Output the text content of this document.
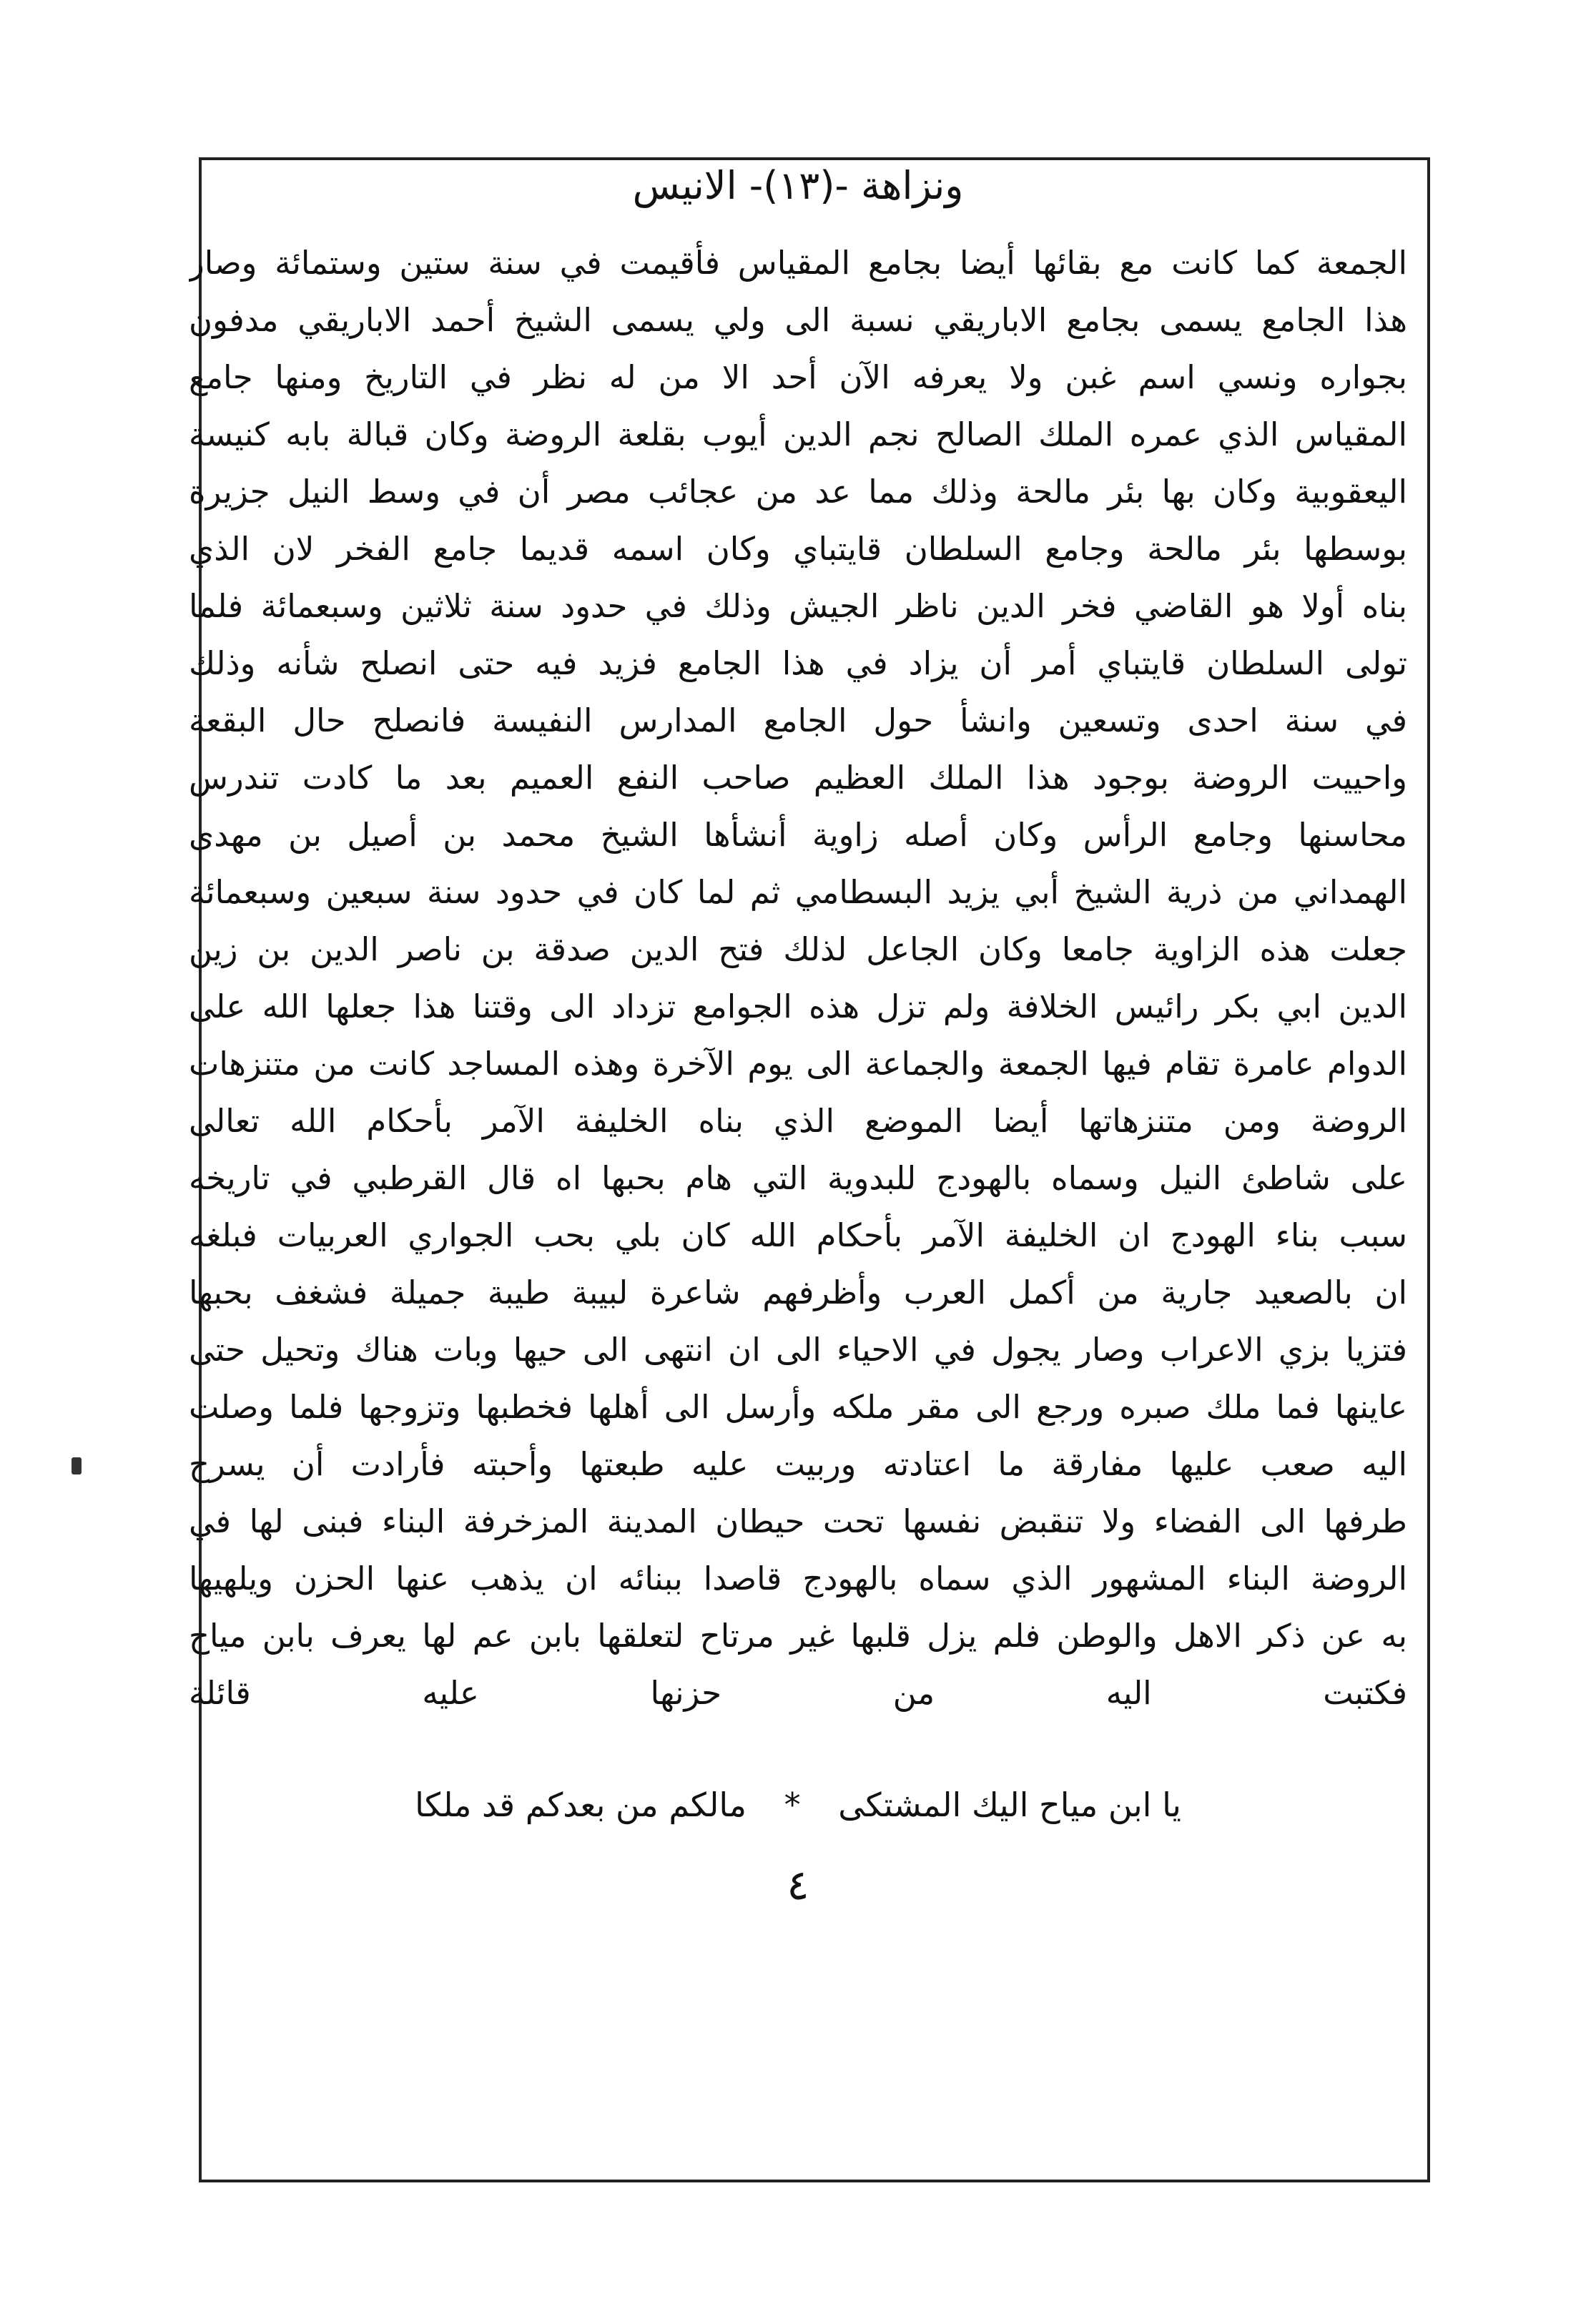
ونزاهة -(١٣)- الانيس
الجمعة كما كانت مع بقائها أيضا بجامع المقياس فأقيمت في سنة ستين وستمائة وصار
هذا الجامع يسمى بجامع الاباريقي نسبة الى ولي يسمى الشيخ أحمد الاباريقي مدفون
بجواره ونسي اسم غبن ولا يعرفه الآن أحد الا من له نظر في التاريخ ومنها جامع
المقياس الذي عمره الملك الصالح نجم الدين أيوب بقلعة الروضة وكان قبالة بابه كنيسة
اليعقوبية وكان بها بئر مالحة وذلك مما عد من عجائب مصر أن في وسط النيل جزيرة
بوسطها بئر مالحة وجامع السلطان قايتباي وكان اسمه قديما جامع الفخر لان الذي
بناه أولا هو القاضي فخر الدين ناظر الجيش وذلك في حدود سنة ثلاثين وسبعمائة فلما
تولى السلطان قايتباي أمر أن يزاد في هذا الجامع فزيد فيه حتى انصلح شأنه وذلك
في سنة احدى وتسعين وانشأ حول الجامع المدارس النفيسة فانصلح حال البقعة
واحييت الروضة بوجود هذا الملك العظيم صاحب النفع العميم بعد ما كادت تندرس
محاسنها وجامع الرأس وكان أصله زاوية أنشأها الشيخ محمد بن أصيل بن مهدى
الهمداني من ذرية الشيخ أبي يزيد البسطامي ثم لما كان في حدود سنة سبعين وسبعمائة
جعلت هذه الزاوية جامعا وكان الجاعل لذلك فتح الدين صدقة بن ناصر الدين بن زين
الدين ابي بكر رائيس الخلافة ولم تزل هذه الجوامع تزداد الى وقتنا هذا جعلها الله على
الدوام عامرة تقام فيها الجمعة والجماعة الى يوم الآخرة وهذه المساجد كانت من متنزهات
الروضة ومن متنزهاتها أيضا الموضع الذي بناه الخليفة الآمر بأحكام الله تعالى
على شاطئ النيل وسماه بالهودج للبدوية التي هام بحبها اه قال القرطبي في تاريخه
سبب بناء الهودج ان الخليفة الآمر بأحكام الله كان بلي بحب الجواري العربيات فبلغه
ان بالصعيد جارية من أكمل العرب وأظرفهم شاعرة لبيبة طيبة جميلة فشغف بحبها
فتزيا بزي الاعراب وصار يجول في الاحياء الى ان انتهى الى حيها وبات هناك وتحيل حتى
عاينها فما ملك صبره ورجع الى مقر ملكه وأرسل الى أهلها فخطبها وتزوجها فلما وصلت
اليه صعب عليها مفارقة ما اعتادته وربيت عليه طبعتها وأحبته فأرادت أن يسرح
طرفها الى الفضاء ولا تنقبض نفسها تحت حيطان المدينة المزخرفة البناء فبنى لها في
الروضة البناء المشهور الذي سماه بالهودج قاصدا ببنائه ان يذهب عنها الحزن ويلهيها
به عن ذكر الاهل والوطن فلم يزل قلبها غير مرتاح لتعلقها بابن عم لها يعرف بابن مياح
فكتبت اليه من حزنها عليه قائلة
يا ابن مياح اليك المشتكى * مالكم من بعدكم قد ملكا
٤
